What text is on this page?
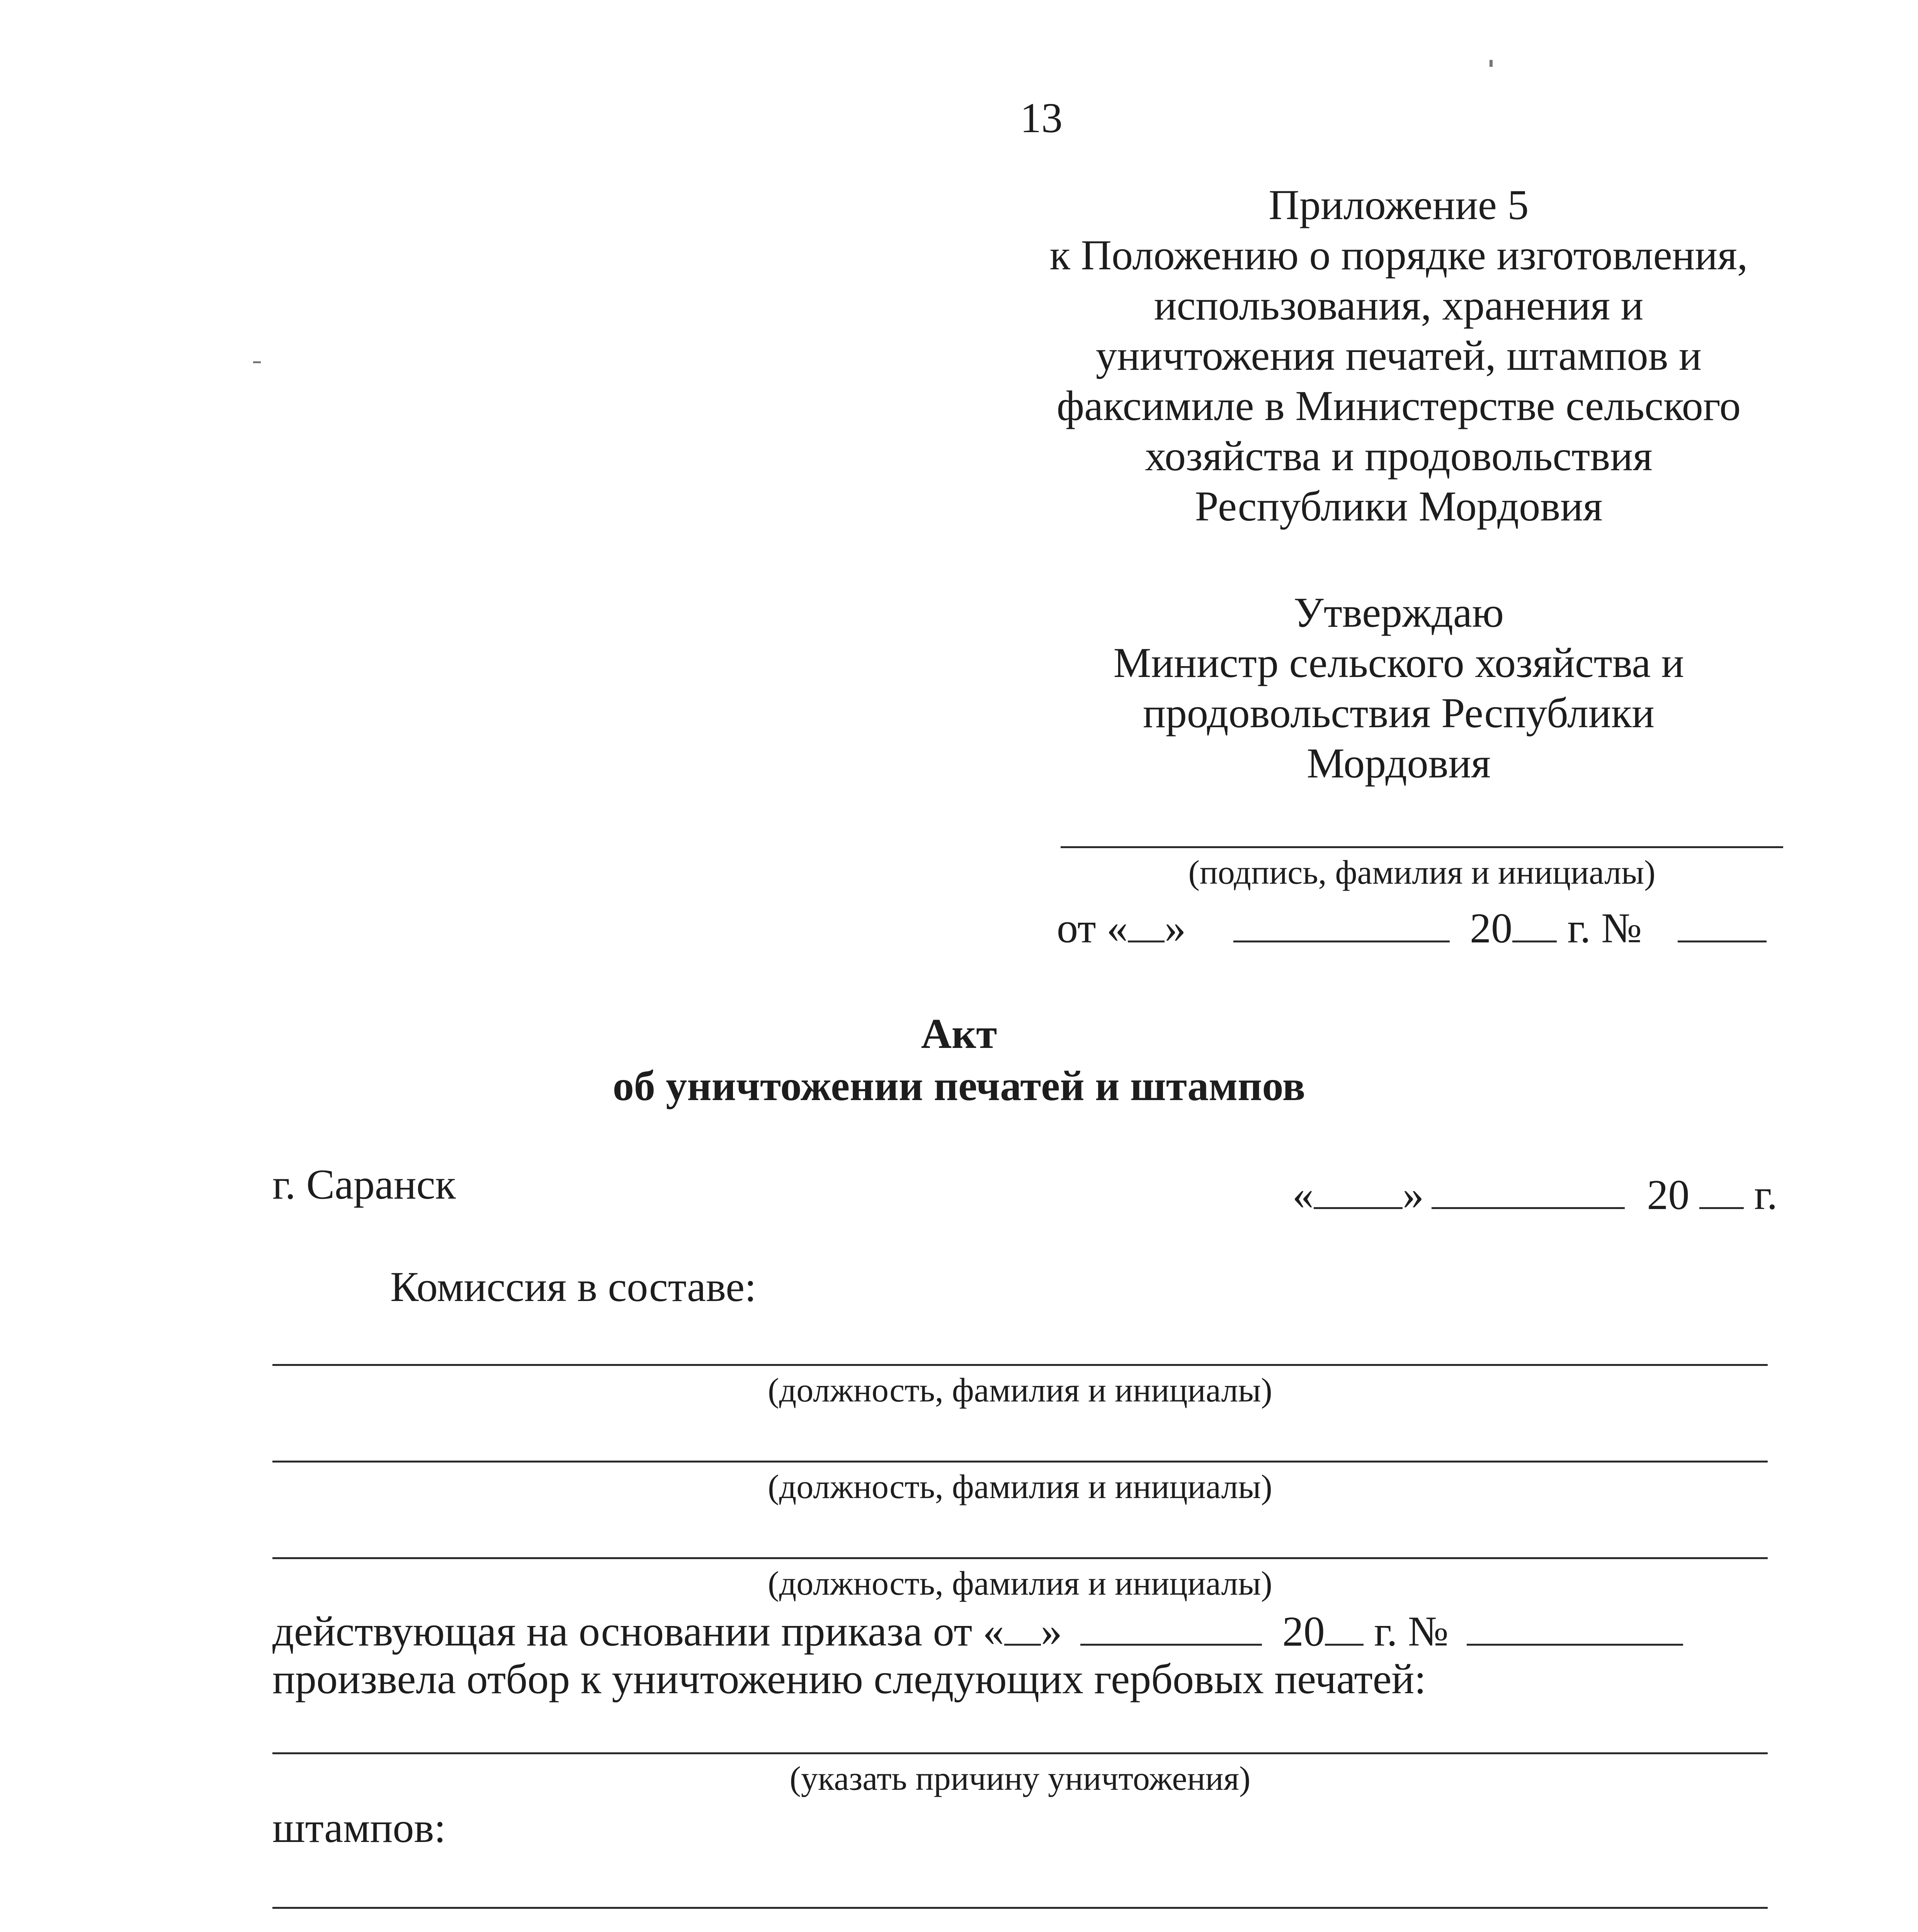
13
Приложение 5
к Положению о порядке изготовления,
использования, хранения и
уничтожения печатей, штампов и
факсимиле в Министерстве сельского
хозяйства и продовольствия
Республики Мордовия
Утверждаю
Министр сельского хозяйства и
продовольствия Республики
Мордовия
(подпись, фамилия и инициалы)
от « »	20 г. №
Акт
об уничтожении печатей и штампов
г. Саранск	« »	20 г.
Комиссия в составе:
(должность, фамилия и инициалы)
(должность, фамилия и инициалы)
(должность, фамилия и инициалы)
действующая на основании приказа от « »	20 г. №
произвела отбор к уничтожению следующих гербовых печатей:
(указать причину уничтожения)
штампов:
